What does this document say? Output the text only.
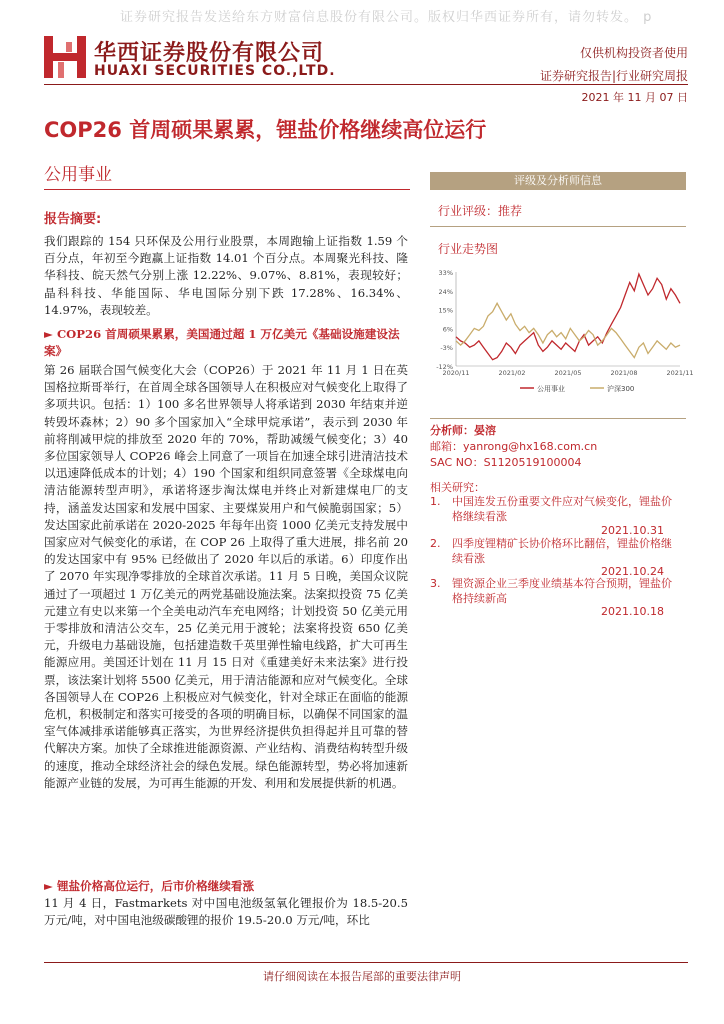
证券研究报告发送给东方财富信息股份有限公司。版权归华西证券所有，请勿转发。 p
华西证券股份有限公司
HUAXI SECURITIES CO.,LTD.
仅供机构投资者使用
证券研究报告|行业研究周报
2021 年 11 月 07 日
COP26 首周硕果累累，锂盐价格继续高位运行
公用事业
报告摘要:
我们跟踪的 154 只环保及公用行业股票，本周跑输上证指数 1.59 个百分点，年初至今跑赢上证指数 14.01 个百分点。本周聚光科技、隆华科技、皖天然气分别上涨 12.22%、9.07%、8.81%，表现较好；晶科科技、华能国际、华电国际分别下跌 17.28%、16.34%、14.97%，表现较差。
► COP26 首周硕果累累，美国通过超 1 万亿美元《基础设施建设法案》
第 26 届联合国气候变化大会（COP26）于 2021 年 11 月 1 日在英国格拉斯哥举行，在首周全球各国领导人在积极应对气候变化上取得了多项共识。包括：1）100 多名世界领导人将承诺到 2030 年结束并逆转毁坏森林；2）90 多个国家加入“全球甲烷承诺”，表示到 2030 年前将削减甲烷的排放至 2020 年的 70%，帮助减缓气候变化；3）40 多位国家领导人 COP26 峰会上同意了一项旨在加速全球引进清洁技术以迅速降低成本的计划；4）190 个国家和组织同意签署《全球煤电向清洁能源转型声明》，承诺将逐步淘汰煤电并终止对新建煤电厂的支持，涵盖发达国家和发展中国家、主要煤炭用户和气候脆弱国家；5）发达国家此前承诺在 2020-2025 年每年出资 1000 亿美元支持发展中国家应对气候变化的承诺，在 COP 26 上取得了重大进展，排名前 20 的发达国家中有 95% 已经做出了 2020 年以后的承诺。6）印度作出了 2070 年实现净零排放的全球首次承诺。11 月 5 日晚，美国众议院通过了一项超过 1 万亿美元的两党基础设施法案。法案拟投资 75 亿美元建立有史以来第一个全美电动汽车充电网络；计划投资 50 亿美元用于零排放和清洁公交车，25 亿美元用于渡轮；法案将投资 650 亿美元，升级电力基础设施，包括建造数千英里弹性输电线路，扩大可再生能源应用。美国还计划在 11 月 15 日对《重建美好未来法案》进行投票，该法案计划将 5500 亿美元，用于清洁能源和应对气候变化。全球各国领导人在 COP26 上积极应对气候变化，针对全球正在面临的能源危机，积极制定和落实可接受的各项的明确目标，以确保不同国家的温室气体减排承诺能够真正落实，为世界经济提供负担得起并且可靠的替代解决方案。加快了全球推进能源资源、产业结构、消费结构转型升级的速度，推动全球经济社会的绿色发展。绿色能源转型，势必将加速新能源产业链的发展，为可再生能源的开发、利用和发展提供新的机遇。
► 锂盐价格高位运行，后市价格继续看涨
11 月 4 日，Fastmarkets 对中国电池级氢氧化锂报价为 18.5-20.5 万元/吨，对中国电池级碳酸锂的报价 19.5-20.0 万元/吨，环比
评级及分析师信息
行业评级：推荐
行业走势图
33%
24%
15%
6%
-3%
-12%
2020/11	2021/02	2021/05	2021/08	2021/11
公用事业	沪深300
分析师：晏溶
邮箱：yanrong@hx168.com.cn
SAC NO：S1120519100004
相关研究：
1. 中国连发五份重要文件应对气候变化，锂盐价格继续看涨
2021.10.31
2. 四季度锂精矿长协价格环比翻倍，锂盐价格继续看涨
2021.10.24
3. 锂资源企业三季度业绩基本符合预期，锂盐价格持续新高
2021.10.18
请仔细阅读在本报告尾部的重要法律声明
